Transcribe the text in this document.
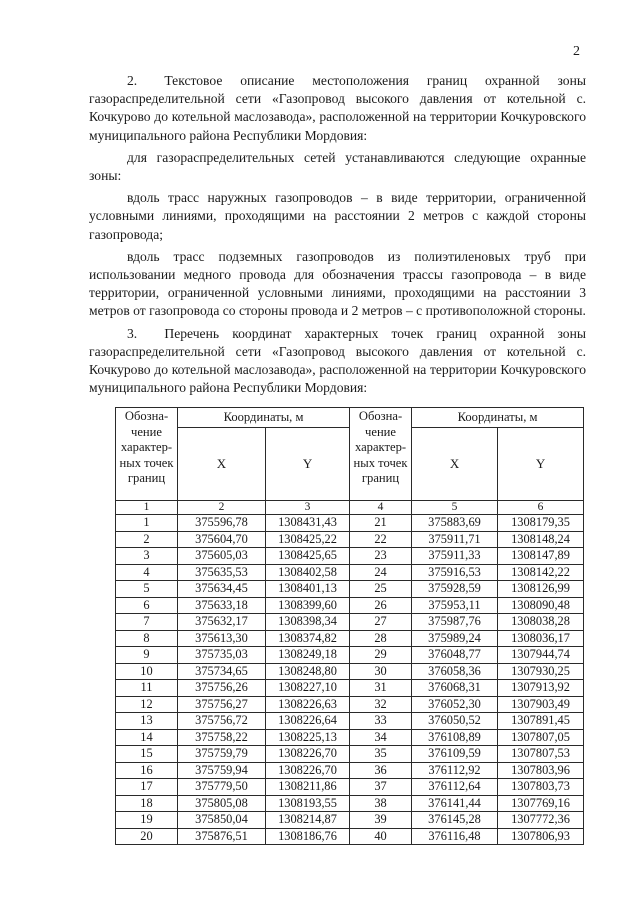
2

2.  Текстовое описание местоположения границ охранной зоны газораспределительной сети «Газопровод высокого давления от котельной с. Кочкурово до котельной маслозавода», расположенной на территории Кочкуровского муниципального района Республики Мордовия:

для газораспределительных сетей устанавливаются следующие охранные зоны:

вдоль трасс наружных газопроводов – в виде территории, ограниченной условными линиями, проходящими на расстоянии 2 метров с каждой стороны газопровода;

вдоль трасс подземных газопроводов из полиэтиленовых труб при использовании медного провода для обозначения трассы газопровода – в виде территории, ограниченной условными линиями, проходящими на расстоянии 3 метров от газопровода со стороны провода и 2 метров – с противоположной стороны.

3.  Перечень координат характерных точек границ охранной зоны газораспределительной сети «Газопровод высокого давления от котельной с. Кочкурово до котельной маслозавода», расположенной на территории Кочкуровского муниципального района Республики Мордовия:

Обозна-чение характер-ных точек границ	Координаты, м		Обозна-чение характер-ных точек границ	Координаты, м	
	X	Y		X	Y
1	2	3	4	5	6
1	375596,78	1308431,43	21	375883,69	1308179,35
2	375604,70	1308425,22	22	375911,71	1308148,24
3	375605,03	1308425,65	23	375911,33	1308147,89
4	375635,53	1308402,58	24	375916,53	1308142,22
5	375634,45	1308401,13	25	375928,59	1308126,99
6	375633,18	1308399,60	26	375953,11	1308090,48
7	375632,17	1308398,34	27	375987,76	1308038,28
8	375613,30	1308374,82	28	375989,24	1308036,17
9	375735,03	1308249,18	29	376048,77	1307944,74
10	375734,65	1308248,80	30	376058,36	1307930,25
11	375756,26	1308227,10	31	376068,31	1307913,92
12	375756,27	1308226,63	32	376052,30	1307903,49
13	375756,72	1308226,64	33	376050,52	1307891,45
14	375758,22	1308225,13	34	376108,89	1307807,05
15	375759,79	1308226,70	35	376109,59	1307807,53
16	375759,94	1308226,70	36	376112,92	1307803,96
17	375779,50	1308211,86	37	376112,64	1307803,73
18	375805,08	1308193,55	38	376141,44	1307769,16
19	375850,04	1308214,87	39	376145,28	1307772,36
20	375876,51	1308186,76	40	376116,48	1307806,93
